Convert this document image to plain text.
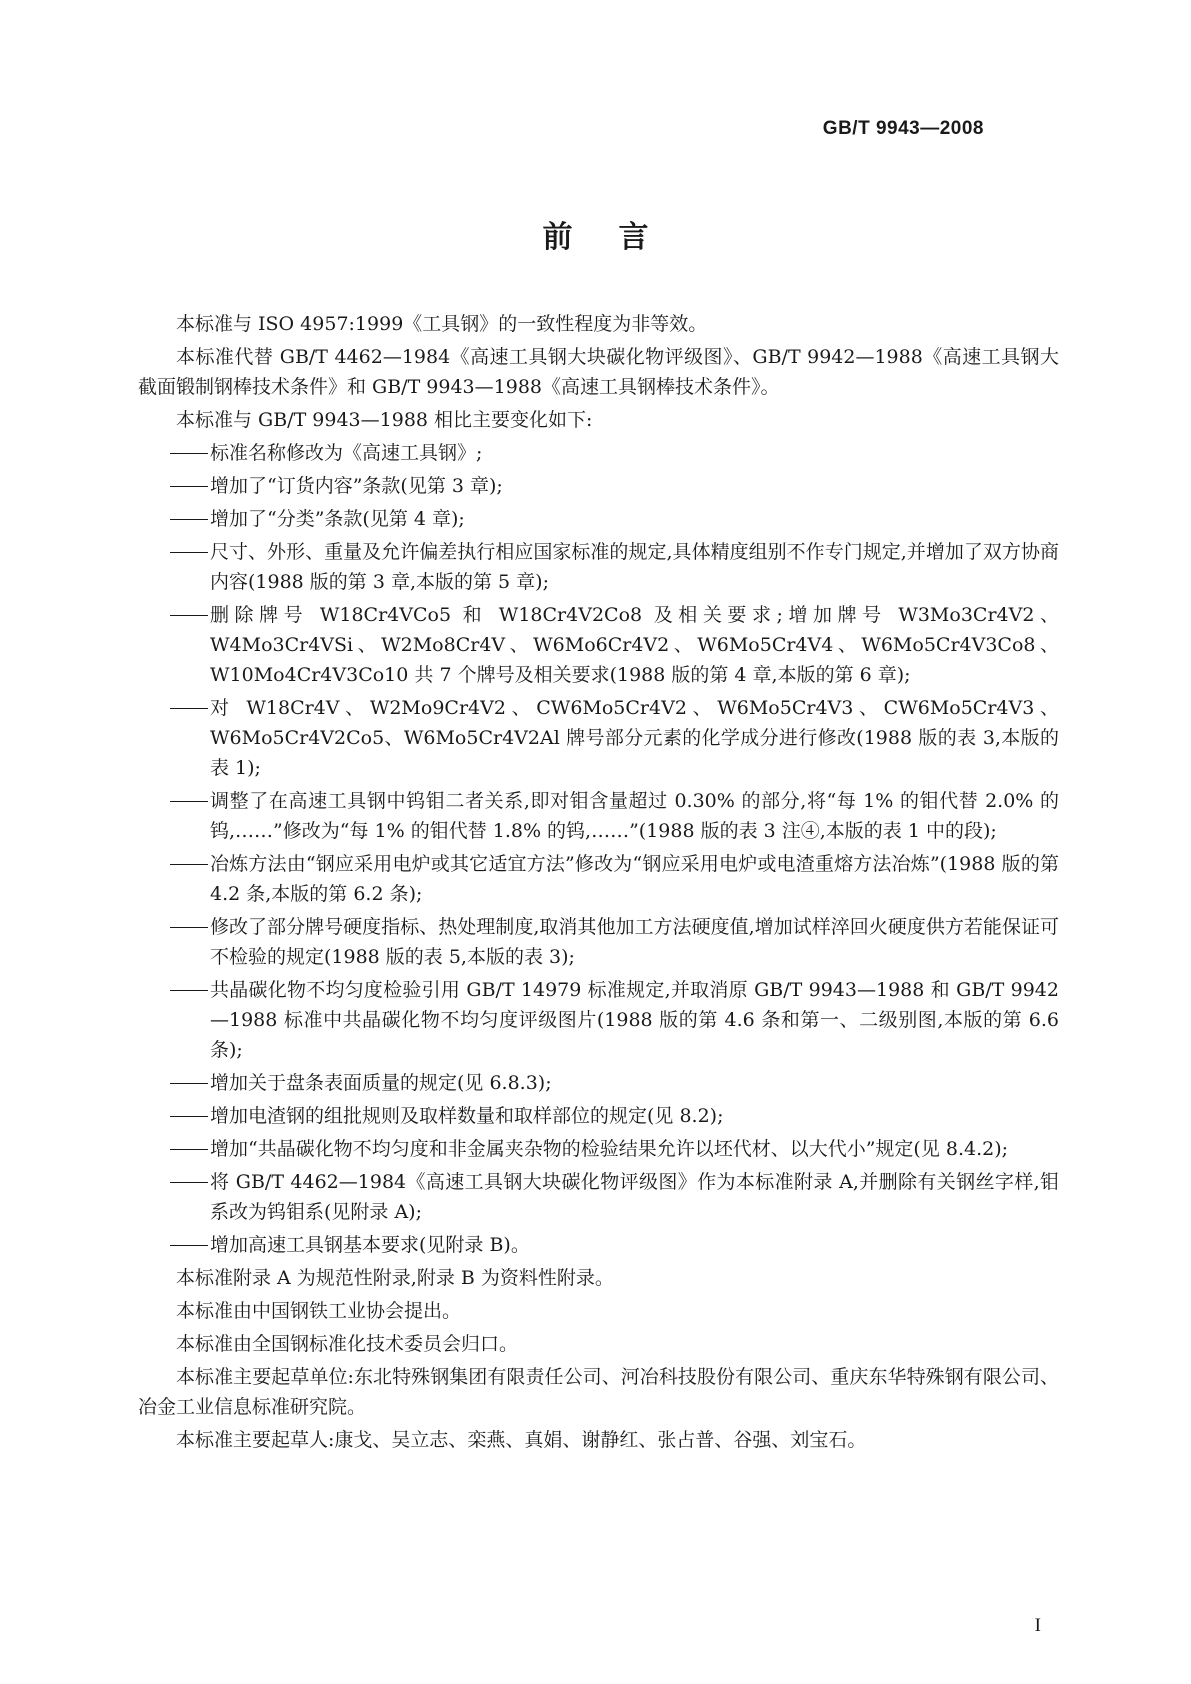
GB/T 9943—2008
前言

本标准与 ISO 4957:1999《工具钢》的一致性程度为非等效。

本标准代替 GB/T 4462—1984《高速工具钢大块碳化物评级图》、GB/T 9942—1988《高速工具钢大截面锻制钢棒技术条件》和 GB/T 9943—1988《高速工具钢棒技术条件》。

本标准与 GB/T 9943—1988 相比主要变化如下:

标准名称修改为《高速工具钢》;
增加了“订货内容”条款(见第 3 章);
增加了“分类”条款(见第 4 章);
尺寸、外形、重量及允许偏差执行相应国家标准的规定,具体精度组别不作专门规定,并增加了双方协商内容(1988 版的第 3 章,本版的第 5 章);
删除牌号 W18Cr4VCo5 和 W18Cr4V2Co8 及相关要求;增加牌号 W3Mo3Cr4V2、W4Mo3Cr4VSi、W2Mo8Cr4V、W6Mo6Cr4V2、W6Mo5Cr4V4、W6Mo5Cr4V3Co8、W10Mo4Cr4V3Co10 共 7 个牌号及相关要求(1988 版的第 4 章,本版的第 6 章);
对 W18Cr4V、W2Mo9Cr4V2、CW6Mo5Cr4V2、W6Mo5Cr4V3、CW6Mo5Cr4V3、W6Mo5Cr4V2Co5、W6Mo5Cr4V2Al 牌号部分元素的化学成分进行修改(1988 版的表 3,本版的表 1);
调整了在高速工具钢中钨钼二者关系,即对钼含量超过 0.30% 的部分,将“每 1% 的钼代替 2.0% 的钨,……”修改为“每 1% 的钼代替 1.8% 的钨,……”(1988 版的表 3 注④,本版的表 1 中的段);
冶炼方法由“钢应采用电炉或其它适宜方法”修改为“钢应采用电炉或电渣重熔方法冶炼”(1988 版的第 4.2 条,本版的第 6.2 条);
修改了部分牌号硬度指标、热处理制度,取消其他加工方法硬度值,增加试样淬回火硬度供方若能保证可不检验的规定(1988 版的表 5,本版的表 3);
共晶碳化物不均匀度检验引用 GB/T 14979 标准规定,并取消原 GB/T 9943—1988 和 GB/T 9942—1988 标准中共晶碳化物不均匀度评级图片(1988 版的第 4.6 条和第一、二级别图,本版的第 6.6 条);
增加关于盘条表面质量的规定(见 6.8.3);
增加电渣钢的组批规则及取样数量和取样部位的规定(见 8.2);
增加“共晶碳化物不均匀度和非金属夹杂物的检验结果允许以坯代材、以大代小”规定(见 8.4.2);
将 GB/T 4462—1984《高速工具钢大块碳化物评级图》作为本标准附录 A,并删除有关钢丝字样,钼系改为钨钼系(见附录 A);
增加高速工具钢基本要求(见附录 B)。

本标准附录 A 为规范性附录,附录 B 为资料性附录。

本标准由中国钢铁工业协会提出。

本标准由全国钢标准化技术委员会归口。

本标准主要起草单位:东北特殊钢集团有限责任公司、河冶科技股份有限公司、重庆东华特殊钢有限公司、冶金工业信息标准研究院。

本标准主要起草人:康戈、吴立志、栾燕、真娟、谢静红、张占普、谷强、刘宝石。

I
